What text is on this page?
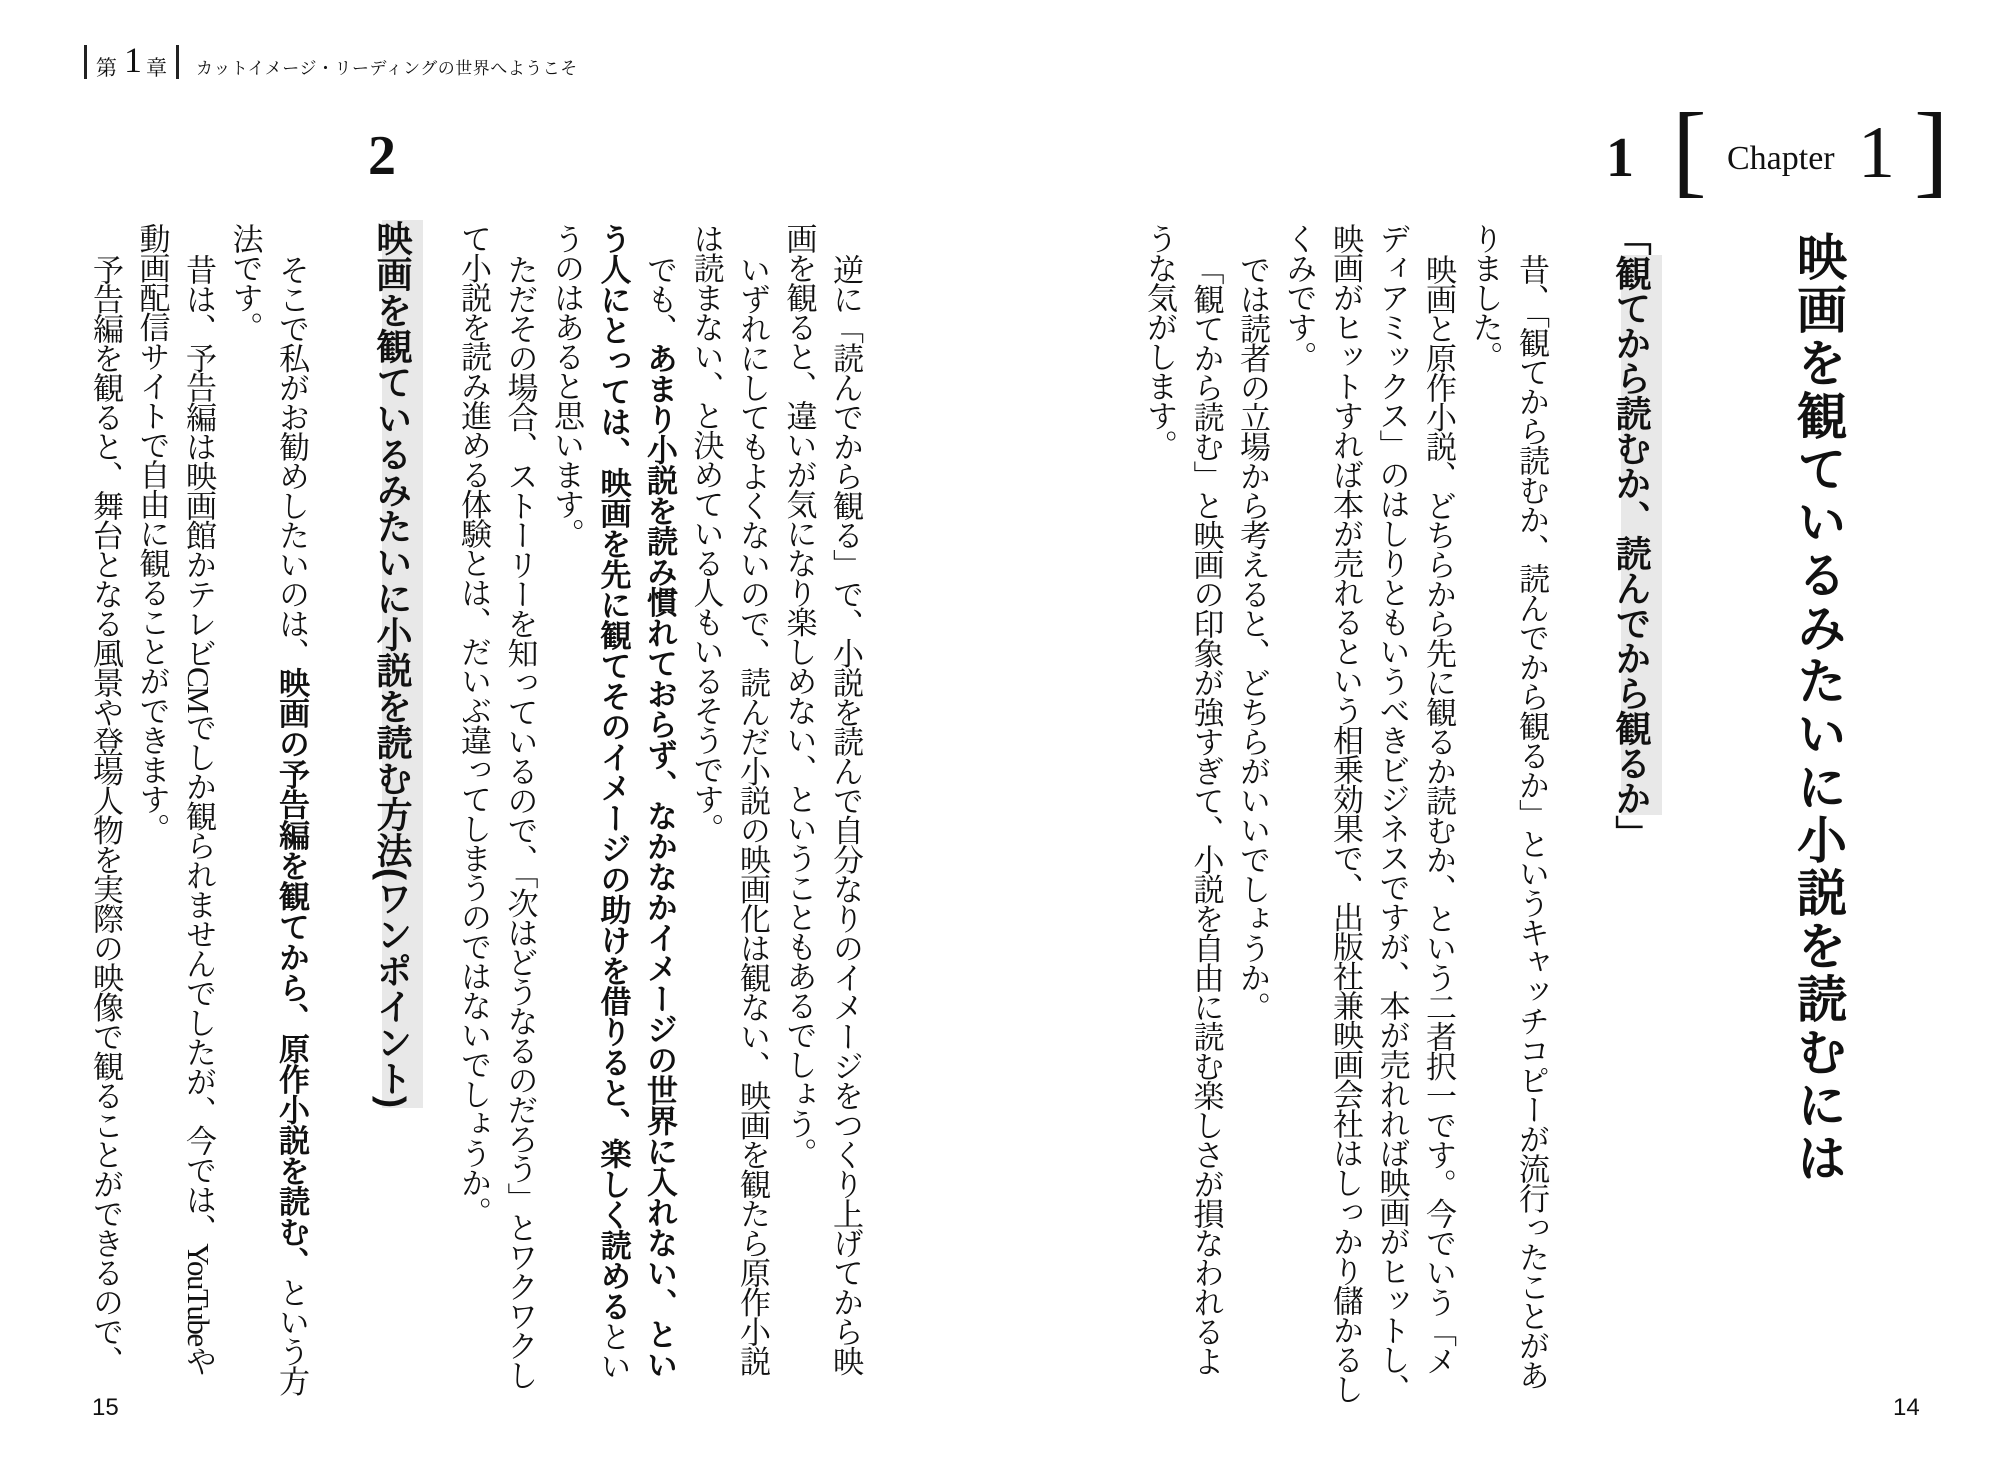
第 1 章 カットイメージ・リーディングの世界へようこそ
[ Chapter 1 ]
映画を観ているみたいに小説を読むには
1
「観てから読むか、読んでから観るか」

昔、「観てから読むか、読んでから観るか」というキャッチコピーが流行ったことがありました。

映画と原作小説、どちらから先に観るか読むか、という二者択一です。今でいう「メディアミックス」のはしりともいうべきビジネスですが、本が売れれば映画がヒットし、映画がヒットすれば本が売れるという相乗効果で、出版社兼映画会社はしっかり儲かるしくみです。

では読者の立場から考えると、どちらがいいでしょうか。

「観てから読む」と映画の印象が強すぎて、小説を自由に読む楽しさが損なわれるような気がします。

14

逆に「読んでから観る」で、小説を読んで自分なりのイメージをつくり上げてから映画を観ると、違いが気になり楽しめない、ということもあるでしょう。

いずれにしてもよくないので、読んだ小説の映画化は観ない、映画を観たら原作小説は読まない、と決めている人もいるそうです。

でも、あまり小説を読み慣れておらず、なかなかイメージの世界に入れない、という人にとっては、映画を先に観てそのイメージの助けを借りると、楽しく読めるというのはあると思います。

ただその場合、ストーリーを知っているので、「次はどうなるのだろう」とワクワクして小説を読み進める体験とは、だいぶ違ってしまうのではないでしょうか。

2
映画を観ているみたいに小説を読む方法(ワンポイント)

そこで私がお勧めしたいのは、映画の予告編を観てから、原作小説を読む、という方法です。

昔は、予告編は映画館かテレビCMでしか観られませんでしたが、今では、YouTubeや動画配信サイトで自由に観ることができます。

予告編を観ると、舞台となる風景や登場人物を実際の映像で観ることができるので、

15
